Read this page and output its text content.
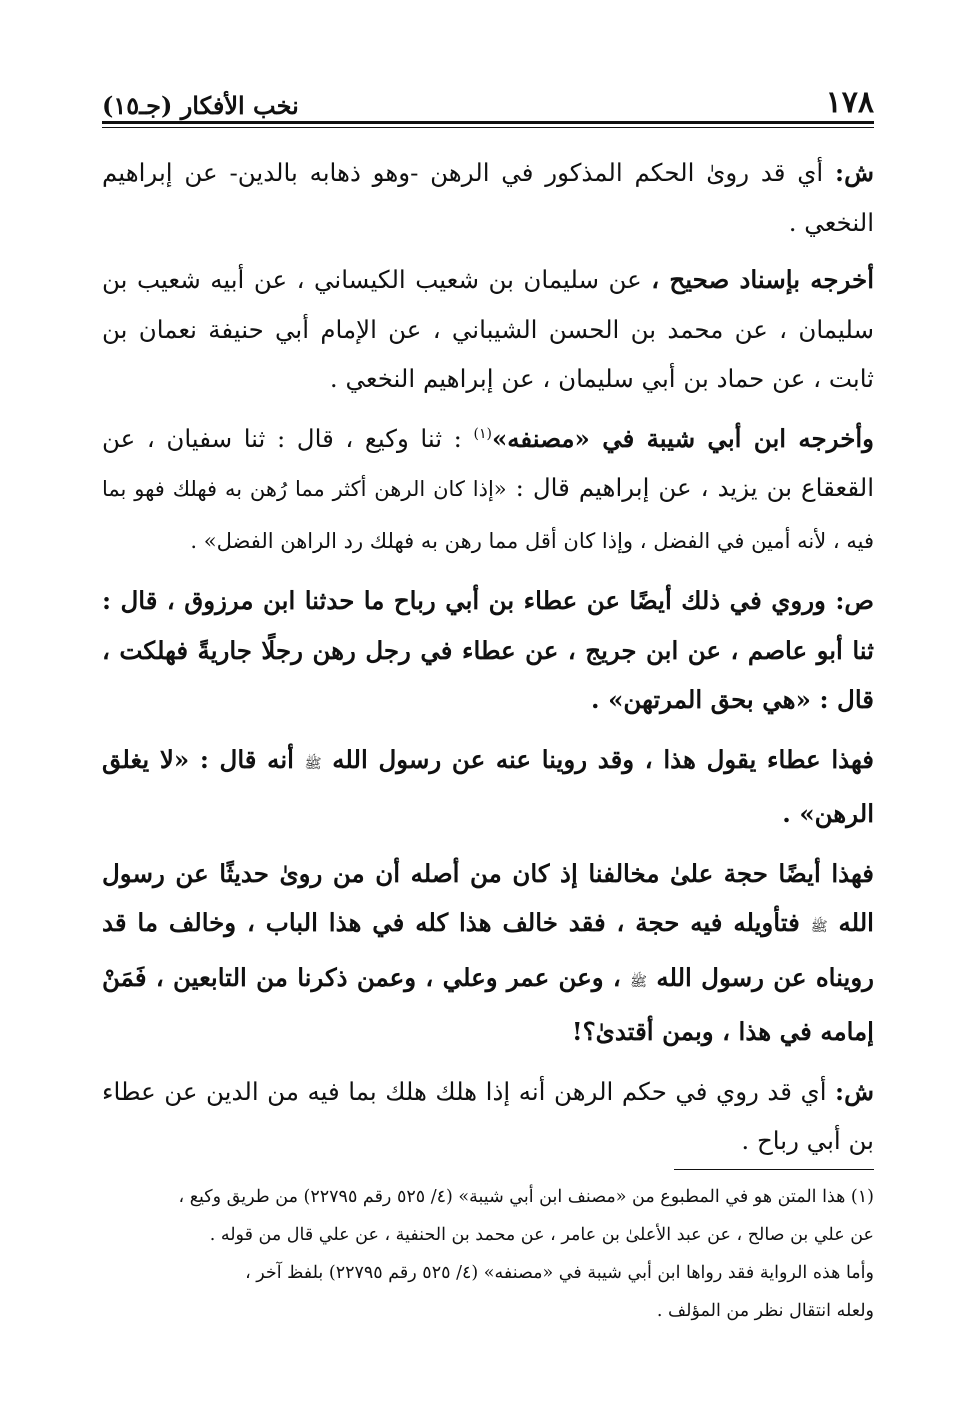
١٧٨
نخب الأفكار (جـ١٥)

ش: أي قد روىٰ الحكم المذكور في الرهن -وهو ذهابه بالدين- عن إبراهيم النخعي .

أخرجه بإسناد صحيح ، عن سليمان بن شعيب الكيساني ، عن أبيه شعيب بن سليمان ، عن محمد بن الحسن الشيباني ، عن الإمام أبي حنيفة نعمان بن ثابت ، عن حماد بن أبي سليمان ، عن إبراهيم النخعي .

وأخرجه ابن أبي شيبة في «مصنفه»$^{(١)}$ : ثنا وكيع ، قال : ثنا سفيان ، عن القعقاع بن يزيد ، عن إبراهيم قال : «إذا كان الرهن أكثر مما رُهن به فهلك فهو بما فيه ، لأنه أمين في الفضل ، وإذا كان أقل مما رهن به فهلك رد الراهن الفضل» .

ص: وروي في ذلك أيضًا عن عطاء بن أبي رباح ما حدثنا ابن مرزوق ، قال : ثنا أبو عاصم ، عن ابن جريج ، عن عطاء في رجل رهن رجلًا جاريةً فهلكت ، قال : «هي بحق المرتهن» .

فهذا عطاء يقول هذا ، وقد روينا عنه عن رسول الله ﷺ أنه قال : «لا يغلق الرهن» .

فهذا أيضًا حجة علىٰ مخالفنا إذ كان من أصله أن من روىٰ حديثًا عن رسول الله ﷺ فتأويله فيه حجة ، فقد خالف هذا كله في هذا الباب ، وخالف ما قد رويناه عن رسول الله ﷺ ، وعن عمر وعلي ، وعمن ذكرنا من التابعين ، فَمَنْ إمامه في هذا ، وبمن أقتدىٰ؟!

ش: أي قد روي في حكم الرهن أنه إذا هلك هلك بما فيه من الدين عن عطاء بن أبي رباح .

(١) هذا المتن هو في المطبوع من «مصنف ابن أبي شيبة» (٤/ ٥٢٥ رقم ٢٢٧٩٥) من طريق وكيع ،

عن علي بن صالح ، عن عبد الأعلىٰ بن عامر ، عن محمد بن الحنفية ، عن علي قال من قوله .

وأما هذه الرواية فقد رواها ابن أبي شيبة في «مصنفه» (٤/ ٥٢٥ رقم ٢٢٧٩٥) بلفظ آخر ،

ولعله انتقال نظر من المؤلف .
